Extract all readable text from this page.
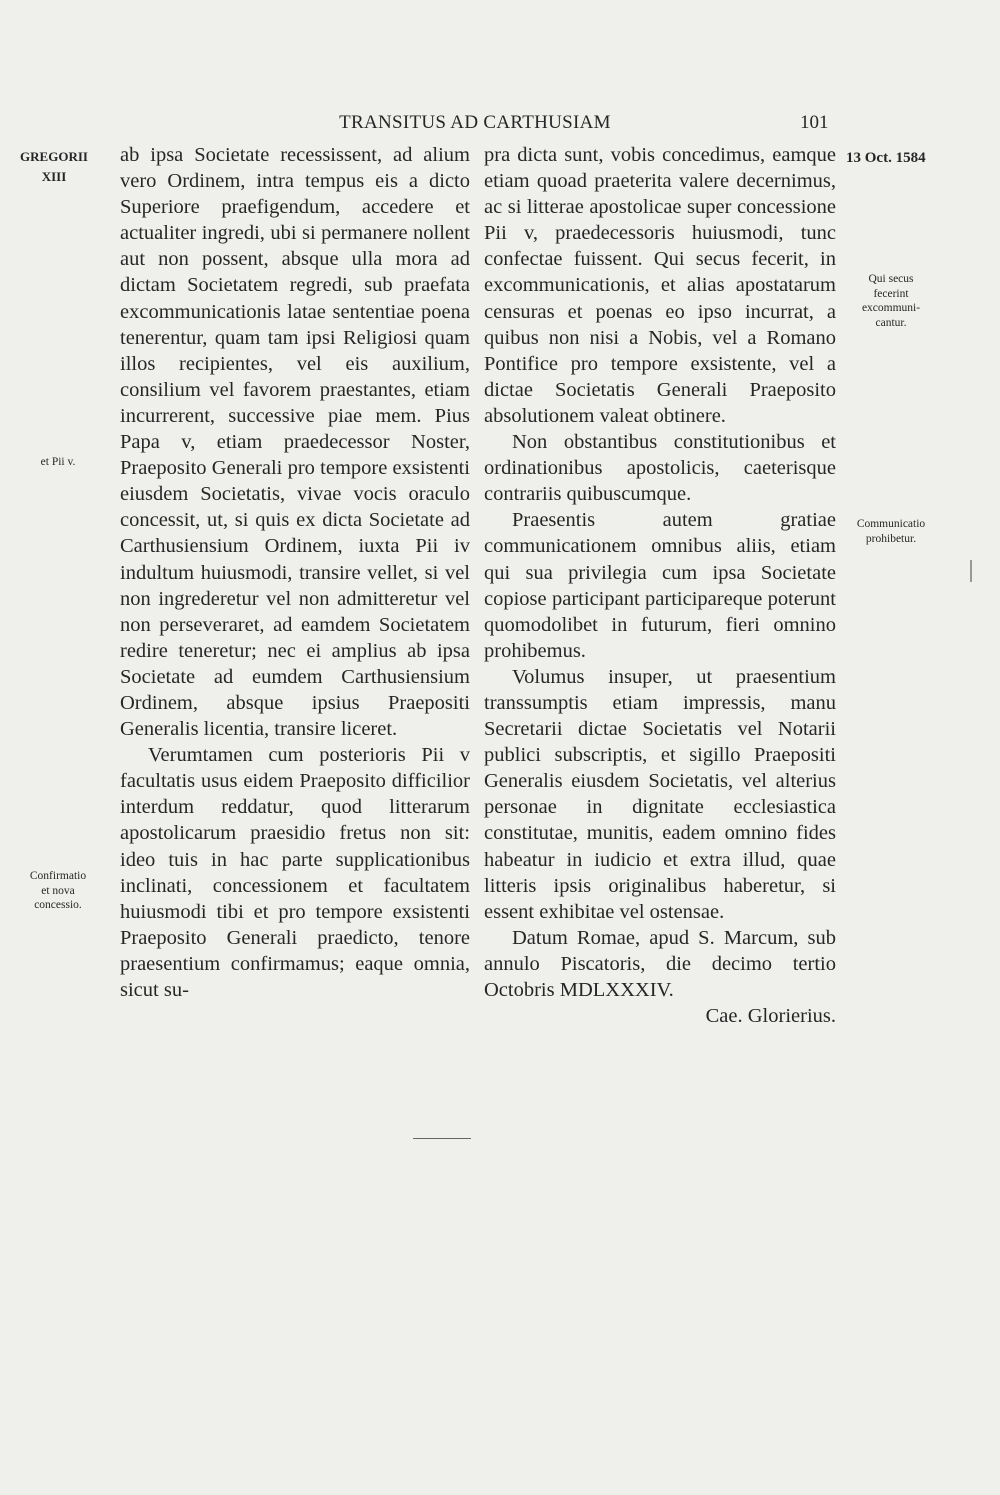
TRANSITUS AD CARTHUSIAM	101
GREGORII
XIII
13 Oct. 1584

ab ipsa Societate recessissent, ad alium vero Ordinem, intra tempus eis a dicto Superiore praefigendum, accedere et actualiter ingredi, ubi si permanere nollent aut non possent, absque ulla mora ad dictam Societatem regredi, sub praefata excommunicationis latae sententiae poena tenerentur, quam tam ipsi Religiosi quam illos recipientes, vel eis auxilium, consilium vel favorem praestantes, etiam incurrerent, successive piae mem. Pius Papa v, etiam praedecessor Noster, Praeposito Generali pro tempore exsistenti eiusdem Societatis, vivae vocis oraculo concessit, ut, si quis ex dicta Societate ad Carthusiensium Ordinem, iuxta Pii iv indultum huiusmodi, transire vellet, si vel non ingrederetur vel non admitteretur vel non perseveraret, ad eamdem Societatem redire teneretur; nec ei amplius ab ipsa Societate ad eumdem Carthusiensium Ordinem, absque ipsius Praepositi Generalis licentia, transire liceret.

Verumtamen cum posterioris Pii v facultatis usus eidem Praeposito difficilior interdum reddatur, quod litterarum apostolicarum praesidio fretus non sit: ideo tuis in hac parte supplicationibus inclinati, concessionem et facultatem huiusmodi tibi et pro tempore exsistenti Praeposito Generali praedicto, tenore praesentium confirmamus; eaque omnia, sicut su-

pra dicta sunt, vobis concedimus, eamque etiam quoad praeterita valere decernimus, ac si litterae apostolicae super concessione Pii v, praedecessoris huiusmodi, tunc confectae fuissent. Qui secus fecerit, in excommunicationis, et alias apostatarum censuras et poenas eo ipso incurrat, a quibus non nisi a Nobis, vel a Romano Pontifice pro tempore exsistente, vel a dictae Societatis Generali Praeposito absolutionem valeat obtinere.

Non obstantibus constitutionibus et ordinationibus apostolicis, caeterisque contrariis quibuscumque.

Praesentis autem gratiae communicationem omnibus aliis, etiam qui sua privilegia cum ipsa Societate copiose participant participareque poterunt quomodolibet in futurum, fieri omnino prohibemus.

Volumus insuper, ut praesentium transsumptis etiam impressis, manu Secretarii dictae Societatis vel Notarii publici subscriptis, et sigillo Praepositi Generalis eiusdem Societatis, vel alterius personae in dignitate ecclesiastica constitutae, munitis, eadem omnino fides habeatur in iudicio et extra illud, quae litteris ipsis originalibus haberetur, si essent exhibitae vel ostensae.

Datum Romae, apud S. Marcum, sub annulo Piscatoris, die decimo tertio Octobris MDLXXXIV.

Cae. Glorierius.

et Pii v.
Confirmatio
et nova
concessio.
Qui secus
fecerint
excommuni-
cantur.
Communicatio
prohibetur.
